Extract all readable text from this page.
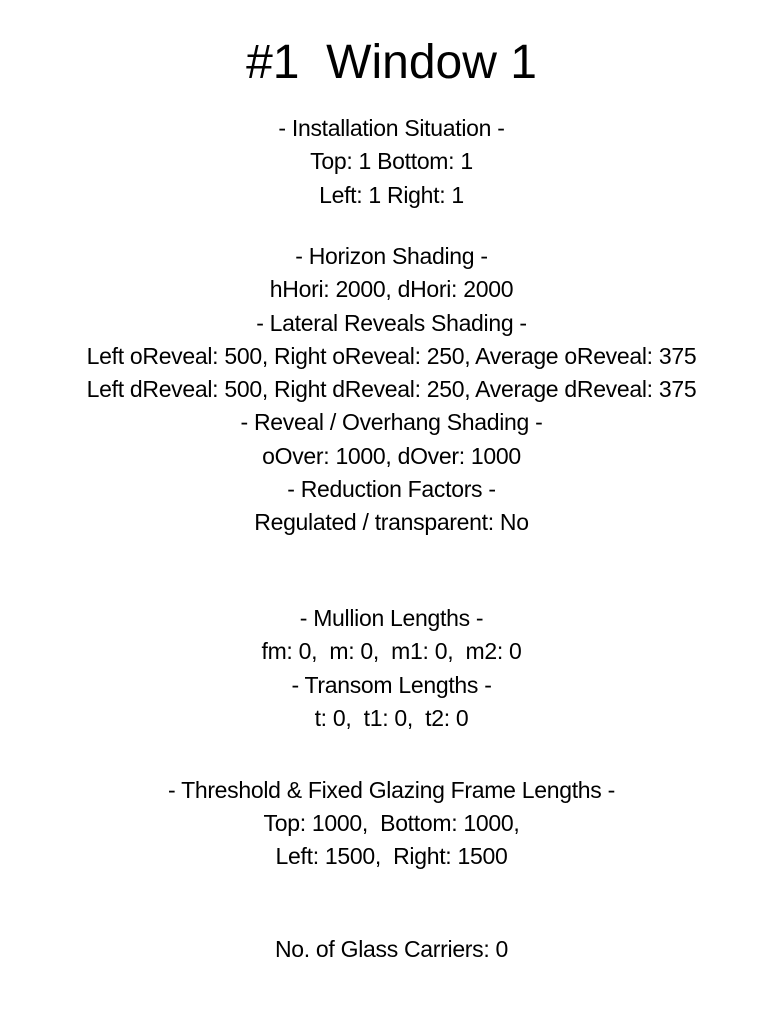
#1  Window 1
- Installation Situation -
Top: 1 Bottom: 1
Left: 1 Right: 1
- Horizon Shading -
hHori: 2000, dHori: 2000
- Lateral Reveals Shading -
Left oReveal: 500, Right oReveal: 250, Average oReveal: 375
Left dReveal: 500, Right dReveal: 250, Average dReveal: 375
- Reveal / Overhang Shading -
oOver: 1000, dOver: 1000
- Reduction Factors -
Regulated / transparent: No
- Mullion Lengths -
fm: 0,  m: 0,  m1: 0,  m2: 0
- Transom Lengths -
t: 0,  t1: 0,  t2: 0
- Threshold & Fixed Glazing Frame Lengths -
Top: 1000,  Bottom: 1000,
Left: 1500,  Right: 1500
No. of Glass Carriers: 0
